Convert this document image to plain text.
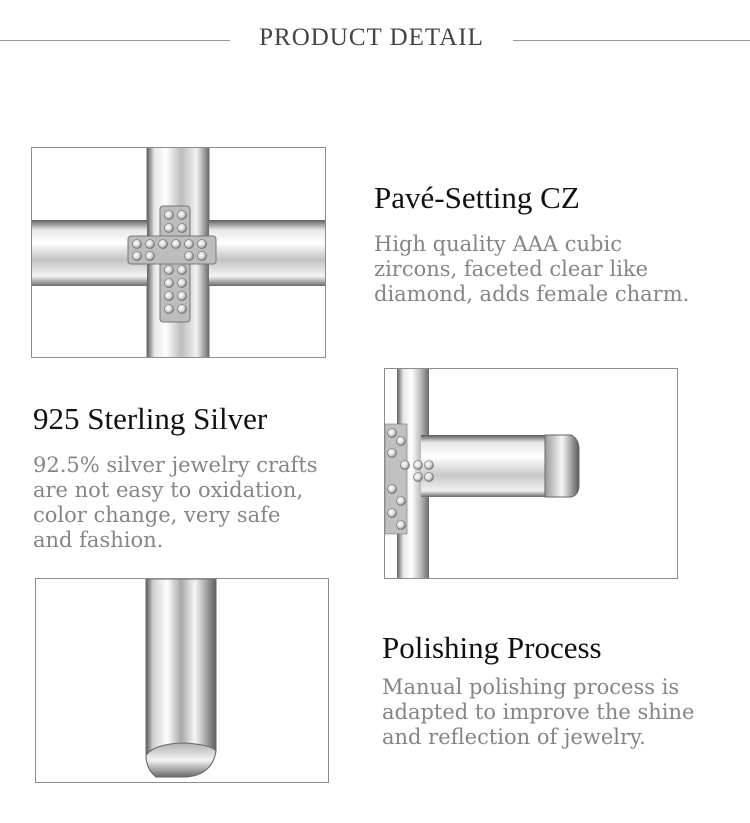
PRODUCT DETAIL
Pavé-Setting CZ

High quality AAA cubic
zircons, faceted clear like
diamond, adds female charm.

925 Sterling Silver

92.5% silver jewelry crafts
are not easy to oxidation,
color change, very safe
and fashion.

Polishing Process

Manual polishing process is
adapted to improve the shine
and reflection of jewelry.
